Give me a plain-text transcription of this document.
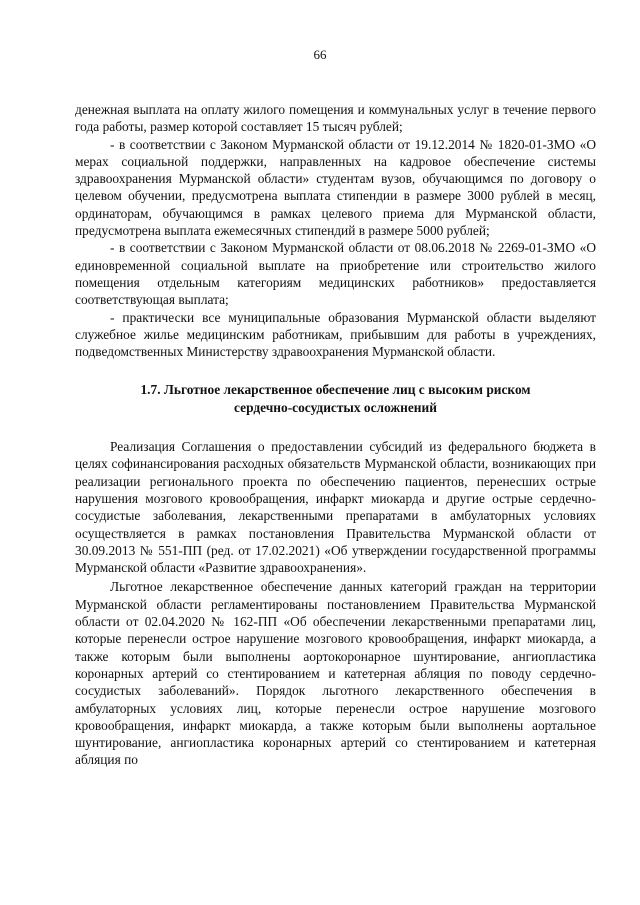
66

денежная выплата на оплату жилого помещения и коммунальных услуг в течение первого года работы, размер которой составляет 15 тысяч рублей;

- в соответствии с Законом Мурманской области от 19.12.2014 № 1820-01-ЗМО «О мерах социальной поддержки, направленных на кадровое обеспечение системы здравоохранения Мурманской области» студентам вузов, обучающимся по договору о целевом обучении, предусмотрена выплата стипендии в размере 3000 рублей в месяц, ординаторам, обучающимся в рамках целевого приема для Мурманской области, предусмотрена выплата ежемесячных стипендий в размере 5000 рублей;

- в соответствии с Законом Мурманской области от 08.06.2018 № 2269-01-ЗМО «О единовременной социальной выплате на приобретение или строительство жилого помещения отдельным категориям медицинских работников» предоставляется соответствующая выплата;

- практически все муниципальные образования Мурманской области выделяют служебное жилье медицинским работникам, прибывшим для работы в учреждениях, подведомственных Министерству здравоохранения Мурманской области.

1.7. Льготное лекарственное обеспечение лиц с высоким риском
сердечно-сосудистых осложнений

Реализация Соглашения о предоставлении субсидий из федерального бюджета в целях софинансирования расходных обязательств Мурманской области, возникающих при реализации регионального проекта по обеспечению пациентов, перенесших острые нарушения мозгового кровообращения, инфаркт миокарда и другие острые сердечно-сосудистые заболевания, лекарственными препаратами в амбулаторных условиях осуществляется в рамках постановления Правительства Мурманской области от 30.09.2013 № 551-ПП (ред. от 17.02.2021) «Об утверждении государственной программы Мурманской области «Развитие здравоохранения».

Льготное лекарственное обеспечение данных категорий граждан на территории Мурманской области регламентированы постановлением Правительства Мурманской области от 02.04.2020 № 162-ПП «Об обеспечении лекарственными препаратами лиц, которые перенесли острое нарушение мозгового кровообращения, инфаркт миокарда, а также которым были выполнены аортокоронарное шунтирование, ангиопластика коронарных артерий со стентированием и катетерная абляция по поводу сердечно-сосудистых заболеваний». Порядок льготного лекарственного обеспечения в амбулаторных условиях лиц, которые перенесли острое нарушение мозгового кровообращения, инфаркт миокарда, а также которым были выполнены аортальное шунтирование, ангиопластика коронарных артерий со стентированием и катетерная абляция по
